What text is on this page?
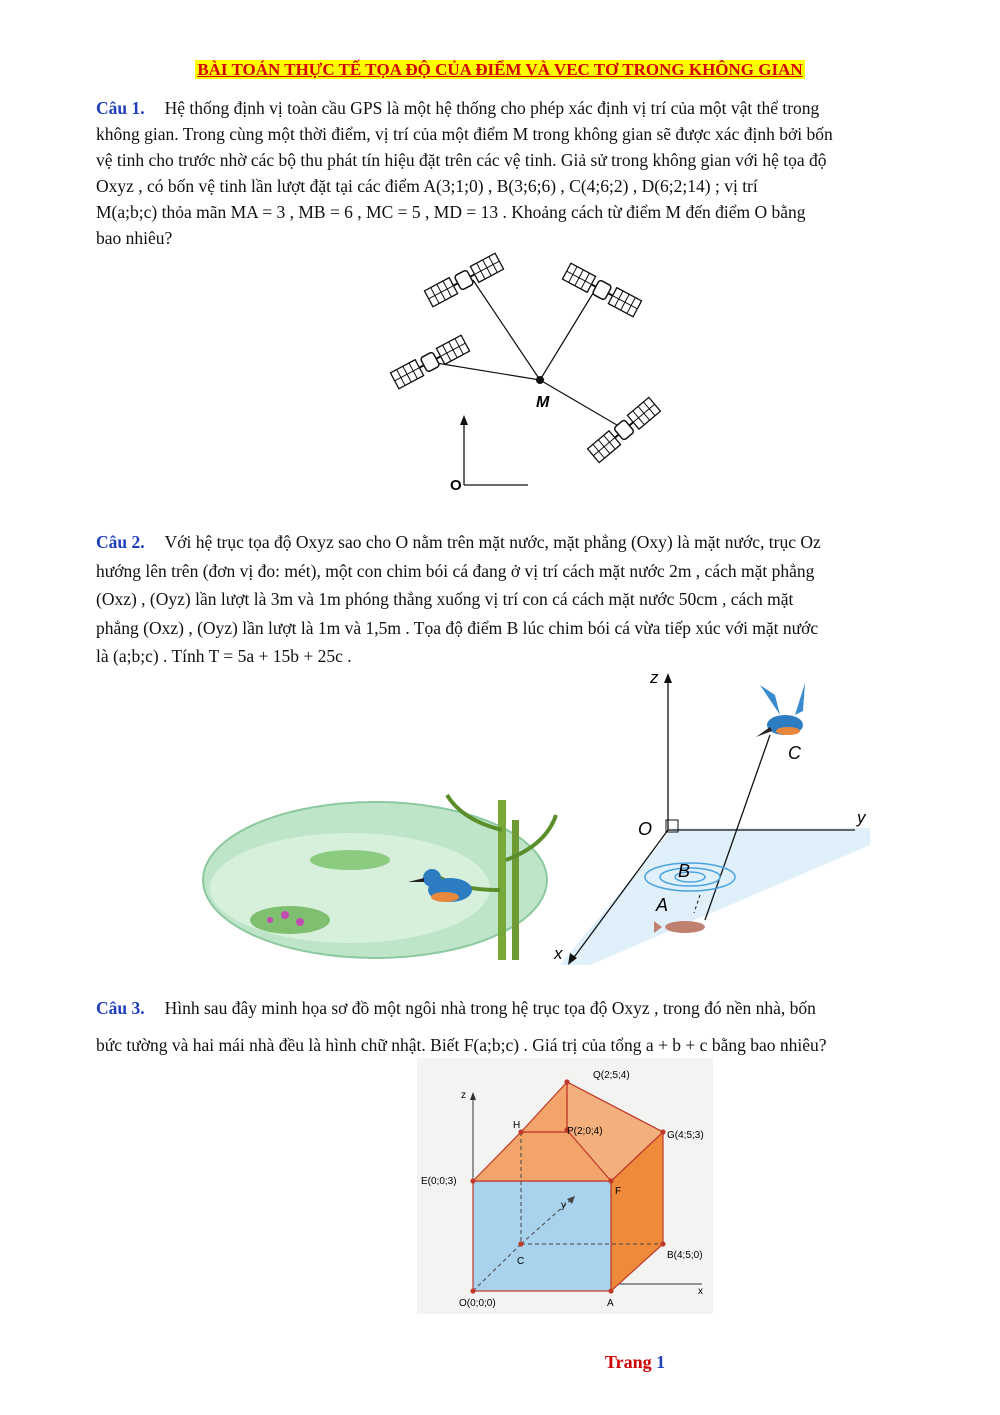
BÀI TOÁN THỰC TẾ TỌA ĐỘ CỦA ĐIỂM VÀ VEC TƠ TRONG KHÔNG GIAN
Câu 1. Hệ thống định vị toàn cầu GPS là một hệ thống cho phép xác định vị trí của một vật thể trong
không gian. Trong cùng một thời điểm, vị trí của một điểm M trong không gian sẽ được xác định bởi bốn
vệ tinh cho trước nhờ các bộ thu phát tín hiệu đặt trên các vệ tinh. Giả sử trong không gian với hệ tọa độ
Oxyz , có bốn vệ tinh lần lượt đặt tại các điểm A(3;1;0) , B(3;6;6) , C(4;6;2) , D(6;2;14) ; vị trí
M(a;b;c) thỏa mãn MA = 3 , MB = 6 , MC = 5 , MD = 13 . Khoảng cách từ điểm M đến điểm O bằng
bao nhiêu?
M
O
Câu 2. Với hệ trục tọa độ Oxyz sao cho O nằm trên mặt nước, mặt phẳng (Oxy) là mặt nước, trục Oz
hướng lên trên (đơn vị đo: mét), một con chim bói cá đang ở vị trí cách mặt nước 2m , cách mặt phẳng
(Oxz) , (Oyz) lần lượt là 3m và 1m phóng thẳng xuống vị trí con cá cách mặt nước 50cm , cách mặt
phẳng (Oxz) , (Oyz) lần lượt là 1m và 1,5m . Tọa độ điểm B lúc chim bói cá vừa tiếp xúc với mặt nước
là (a;b;c) . Tính T = 5a + 15b + 25c .
z
y
x
O
C
B
A
Câu 3. Hình sau đây minh họa sơ đồ một ngôi nhà trong hệ trục tọa độ Oxyz , trong đó nền nhà, bốn
bức tường và hai mái nhà đều là hình chữ nhật. Biết F(a;b;c) . Giá trị của tổng a + b + c bằng bao nhiêu?
z
x
y
Q(2;5;4)
P(2;0;4)	G(4;5;3)
H
E(0;0;3)
F
B(4;5;0)
C
O(0;0;0)	A
Trang 1
